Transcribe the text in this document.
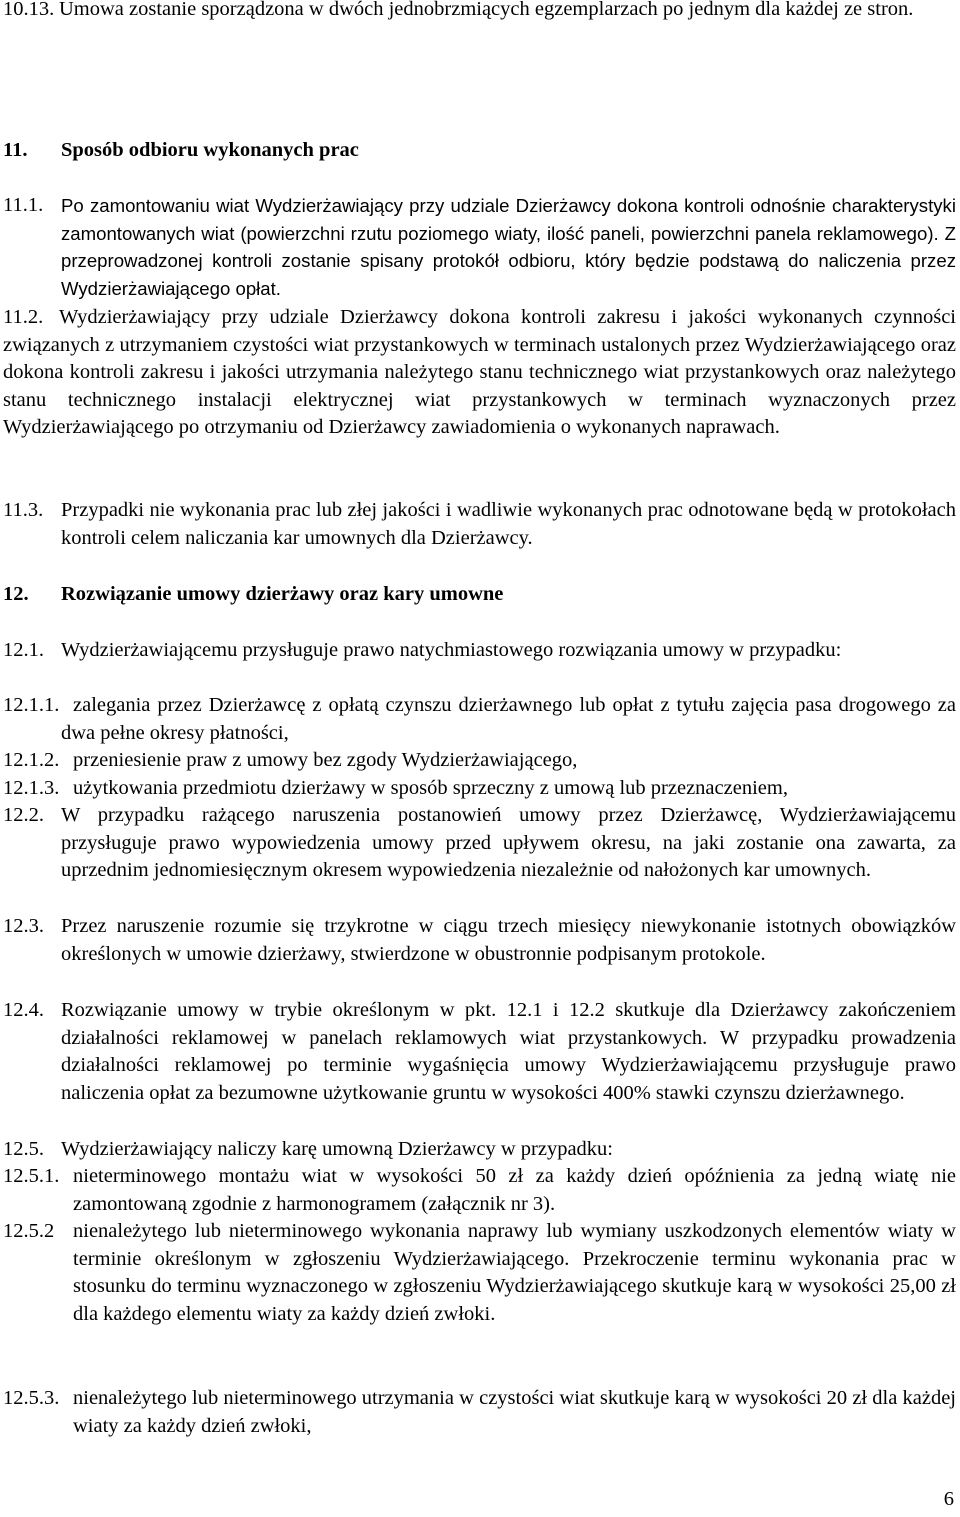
10.13. Umowa zostanie sporządzona w dwóch jednobrzmiących egzemplarzach po jednym dla każdej ze stron.
11. Sposób odbioru wykonanych prac
11.1. Po zamontowaniu wiat Wydzierżawiający przy udziale Dzierżawcy dokona kontroli odnośnie charakterystyki zamontowanych wiat (powierzchni rzutu poziomego wiaty, ilość paneli, powierzchni panela reklamowego). Z przeprowadzonej kontroli zostanie spisany protokół odbioru, który będzie podstawą do naliczenia przez Wydzierżawiającego opłat.
11.2. Wydzierżawiający przy udziale Dzierżawcy dokona kontroli zakresu i jakości wykonanych czynności związanych z utrzymaniem czystości wiat przystankowych w terminach ustalonych przez Wydzierżawiającego oraz dokona kontroli zakresu i jakości utrzymania należytego stanu technicznego wiat przystankowych oraz należytego stanu technicznego instalacji elektrycznej wiat przystankowych w terminach wyznaczonych przez Wydzierżawiającego po otrzymaniu od Dzierżawcy zawiadomienia o wykonanych naprawach.
11.3. Przypadki nie wykonania prac lub złej jakości i wadliwie wykonanych prac odnotowane będą w protokołach kontroli celem naliczania kar umownych dla Dzierżawcy.
12. Rozwiązanie umowy dzierżawy oraz kary umowne
12.1. Wydzierżawiającemu przysługuje prawo natychmiastowego rozwiązania umowy w przypadku:
12.1.1. zalegania przez Dzierżawcę z opłatą czynszu dzierżawnego lub opłat z tytułu zajęcia pasa drogowego za dwa pełne okresy płatności,
12.1.2. przeniesienie praw z umowy bez zgody Wydzierżawiającego,
12.1.3. użytkowania przedmiotu dzierżawy w sposób sprzeczny z umową lub przeznaczeniem,
12.2. W przypadku rażącego naruszenia postanowień umowy przez Dzierżawcę, Wydzierżawiającemu przysługuje prawo wypowiedzenia umowy przed upływem okresu, na jaki zostanie ona zawarta, za uprzednim jednomiesięcznym okresem wypowiedzenia niezależnie od nałożonych kar umownych.
12.3. Przez naruszenie rozumie się trzykrotne w ciągu trzech miesięcy niewykonanie istotnych obowiązków określonych w umowie dzierżawy, stwierdzone w obustronnie podpisanym protokole.
12.4. Rozwiązanie umowy w trybie określonym w pkt. 12.1 i 12.2 skutkuje dla Dzierżawcy zakończeniem działalności reklamowej w panelach reklamowych wiat przystankowych. W przypadku prowadzenia działalności reklamowej po terminie wygaśnięcia umowy Wydzierżawiającemu przysługuje prawo naliczenia opłat za bezumowne użytkowanie gruntu w wysokości 400% stawki czynszu dzierżawnego.
12.5. Wydzierżawiający naliczy karę umowną Dzierżawcy w przypadku:
12.5.1. nieterminowego montażu wiat w wysokości 50 zł za każdy dzień opóźnienia za jedną wiatę nie zamontowaną zgodnie z harmonogramem (załącznik nr 3).
12.5.2 nienależytego lub nieterminowego wykonania naprawy lub wymiany uszkodzonych elementów wiaty w terminie określonym w zgłoszeniu Wydzierżawiającego. Przekroczenie terminu wykonania prac w stosunku do terminu wyznaczonego w zgłoszeniu Wydzierżawiającego skutkuje karą w wysokości 25,00 zł dla każdego elementu wiaty za każdy dzień zwłoki.
12.5.3. nienależytego lub nieterminowego utrzymania w czystości wiat skutkuje karą w wysokości 20 zł dla każdej wiaty za każdy dzień zwłoki,
6
